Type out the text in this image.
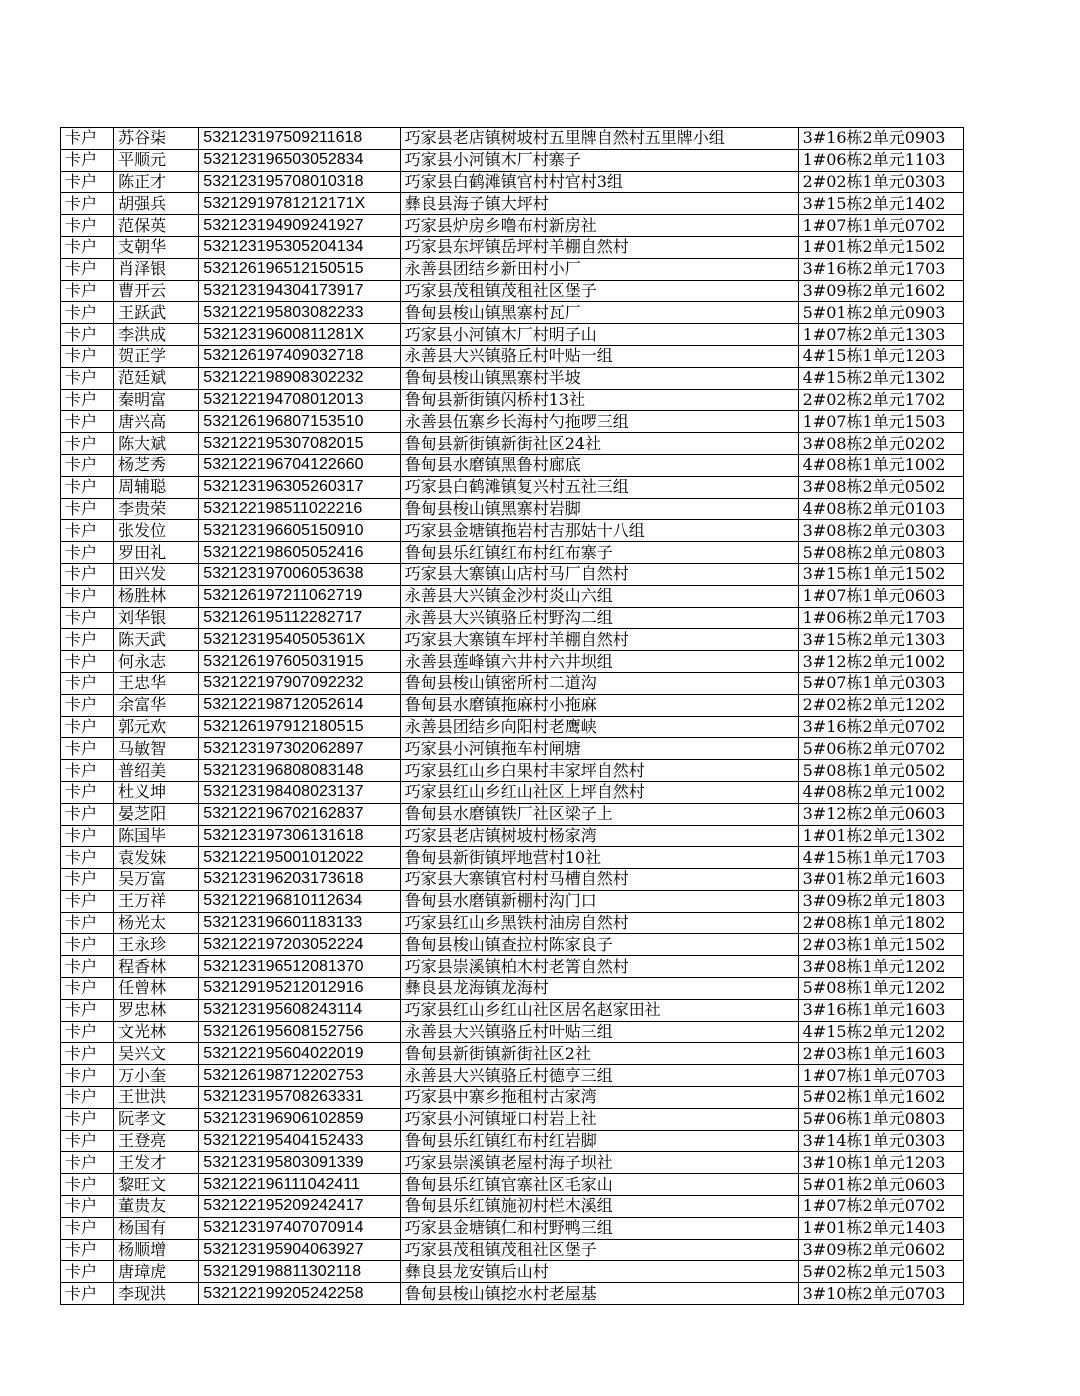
卡户	苏谷柒	532123197509211618	巧家县老店镇树坡村五里牌自然村五里牌小组	3#16栋2单元0903
卡户	平顺元	532123196503052834	巧家县小河镇木厂村寨子	1#06栋2单元1103
卡户	陈正才	532123195708010318	巧家县白鹤滩镇官村村官村3组	2#02栋1单元0303
卡户	胡强兵	53212919781212171X	彝良县海子镇大坪村	3#15栋2单元1402
卡户	范保英	532123194909241927	巧家县炉房乡噜布村新房社	1#07栋1单元0702
卡户	支朝华	532123195305204134	巧家县东坪镇岳坪村羊棚自然村	1#01栋2单元1502
卡户	肖泽银	532126196512150515	永善县团结乡新田村小厂	3#16栋2单元1703
卡户	曹开云	532123194304173917	巧家县茂租镇茂租社区堡子	3#09栋2单元1602
卡户	王跃武	532122195803082233	鲁甸县梭山镇黑寨村瓦厂	5#01栋2单元0903
卡户	李洪成	53212319600811281X	巧家县小河镇木厂村明子山	1#07栋2单元1303
卡户	贺正学	532126197409032718	永善县大兴镇骆丘村叶贴一组	4#15栋1单元1203
卡户	范廷斌	532122198908302232	鲁甸县梭山镇黑寨村半坡	4#15栋2单元1302
卡户	秦明富	532122194708012013	鲁甸县新街镇闪桥村13社	2#02栋2单元1702
卡户	唐兴高	532126196807153510	永善县伍寨乡长海村勺拖啰三组	1#07栋1单元1503
卡户	陈大斌	532122195307082015	鲁甸县新街镇新街社区24社	3#08栋2单元0202
卡户	杨芝秀	532122196704122660	鲁甸县水磨镇黑鲁村廊底	4#08栋1单元1002
卡户	周辅聪	532123196305260317	巧家县白鹤滩镇复兴村五社三组	3#08栋2单元0502
卡户	李贵荣	532122198511022216	鲁甸县梭山镇黑寨村岩脚	4#08栋2单元0103
卡户	张发位	532123196605150910	巧家县金塘镇拖岩村吉那姑十八组	3#08栋2单元0303
卡户	罗田礼	532122198605052416	鲁甸县乐红镇红布村红布寨子	5#08栋2单元0803
卡户	田兴发	532123197006053638	巧家县大寨镇山店村马厂自然村	3#15栋1单元1502
卡户	杨胜林	532126197211062719	永善县大兴镇金沙村炎山六组	1#07栋1单元0603
卡户	刘华银	532126195112282717	永善县大兴镇骆丘村野沟二组	1#06栋2单元1703
卡户	陈天武	53212319540505361X	巧家县大寨镇车坪村羊棚自然村	3#15栋2单元1303
卡户	何永志	532126197605031915	永善县莲峰镇六井村六井坝组	3#12栋2单元1002
卡户	王忠华	532122197907092232	鲁甸县梭山镇密所村二道沟	5#07栋1单元0303
卡户	余富华	532122198712052614	鲁甸县水磨镇拖麻村小拖麻	2#02栋2单元1202
卡户	郭元欢	532126197912180515	永善县团结乡向阳村老鹰峡	3#16栋2单元0702
卡户	马敏智	532123197302062897	巧家县小河镇拖车村闸塘	5#06栋2单元0702
卡户	普绍美	532123196808083148	巧家县红山乡白果村丰家坪自然村	5#08栋1单元0502
卡户	杜义坤	532123198408023137	巧家县红山乡红山社区上坪自然村	4#08栋2单元1002
卡户	晏芝阳	532122196702162837	鲁甸县水磨镇铁厂社区梁子上	3#12栋2单元0603
卡户	陈国毕	532123197306131618	巧家县老店镇树坡村杨家湾	1#01栋2单元1302
卡户	袁发妹	532122195001012022	鲁甸县新街镇坪地营村10社	4#15栋1单元1703
卡户	吴万富	532123196203173618	巧家县大寨镇官村村马槽自然村	3#01栋2单元1603
卡户	王万祥	532122196810112634	鲁甸县水磨镇新棚村沟门口	3#09栋2单元1803
卡户	杨光太	532123196601183133	巧家县红山乡黑铁村油房自然村	2#08栋1单元1802
卡户	王永珍	532122197203052224	鲁甸县梭山镇查拉村陈家良子	2#03栋1单元1502
卡户	程香林	532123196512081370	巧家县崇溪镇柏木村老箐自然村	3#08栋1单元1202
卡户	任曾林	532129195212012916	彝良县龙海镇龙海村	5#08栋1单元1202
卡户	罗忠林	532123195608243114	巧家县红山乡红山社区居名赵家田社	3#16栋1单元1603
卡户	文光林	532126195608152756	永善县大兴镇骆丘村叶贴三组	4#15栋2单元1202
卡户	吴兴文	532122195604022019	鲁甸县新街镇新街社区2社	2#03栋1单元1603
卡户	万小奎	532126198712202753	永善县大兴镇骆丘村德亨三组	1#07栋1单元0703
卡户	王世洪	532123195708263331	巧家县中寨乡拖租村古家湾	5#02栋1单元1602
卡户	阮孝文	532123196906102859	巧家县小河镇垭口村岩上社	5#06栋1单元0803
卡户	王登亮	532122195404152433	鲁甸县乐红镇红布村红岩脚	3#14栋1单元0303
卡户	王发才	532123195803091339	巧家县崇溪镇老屋村海子坝社	3#10栋1单元1203
卡户	黎旺文	532122196111042411	鲁甸县乐红镇官寨社区毛家山	5#01栋2单元0603
卡户	董贵友	532122195209242417	鲁甸县乐红镇施初村栏木溪组	1#07栋2单元0702
卡户	杨国有	532123197407070914	巧家县金塘镇仁和村野鸭三组	1#01栋2单元1403
卡户	杨顺增	532123195904063927	巧家县茂租镇茂租社区堡子	3#09栋2单元0602
卡户	唐璋虎	532129198811302118	彝良县龙安镇后山村	5#02栋2单元1503
卡户	李现洪	532122199205242258	鲁甸县梭山镇挖水村老屋基	3#10栋2单元0703
